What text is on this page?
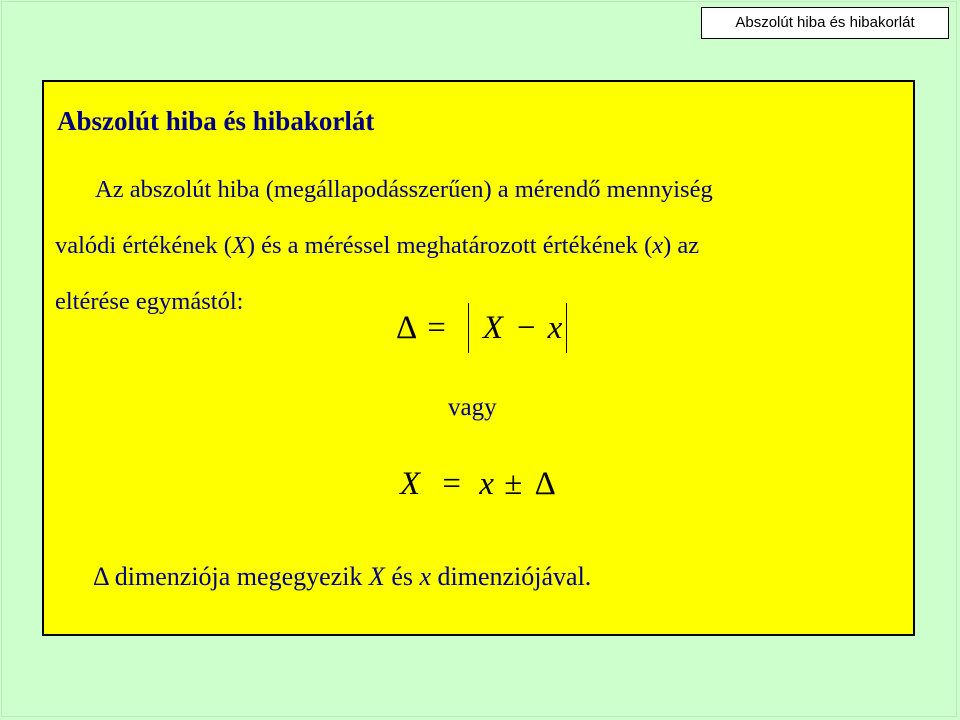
Abszolút hiba és hibakorlát
Abszolút hiba és hibakorlát
Az abszolút hiba (megállapodásszerűen) a mérendő mennyiség
valódi értékének (X) és a méréssel meghatározott értékének (x) az
eltérése egymástól:
Δ =	X − x
vagy
X = x ± Δ
Δ dimenziója megegyezik X és x dimenziójával.
